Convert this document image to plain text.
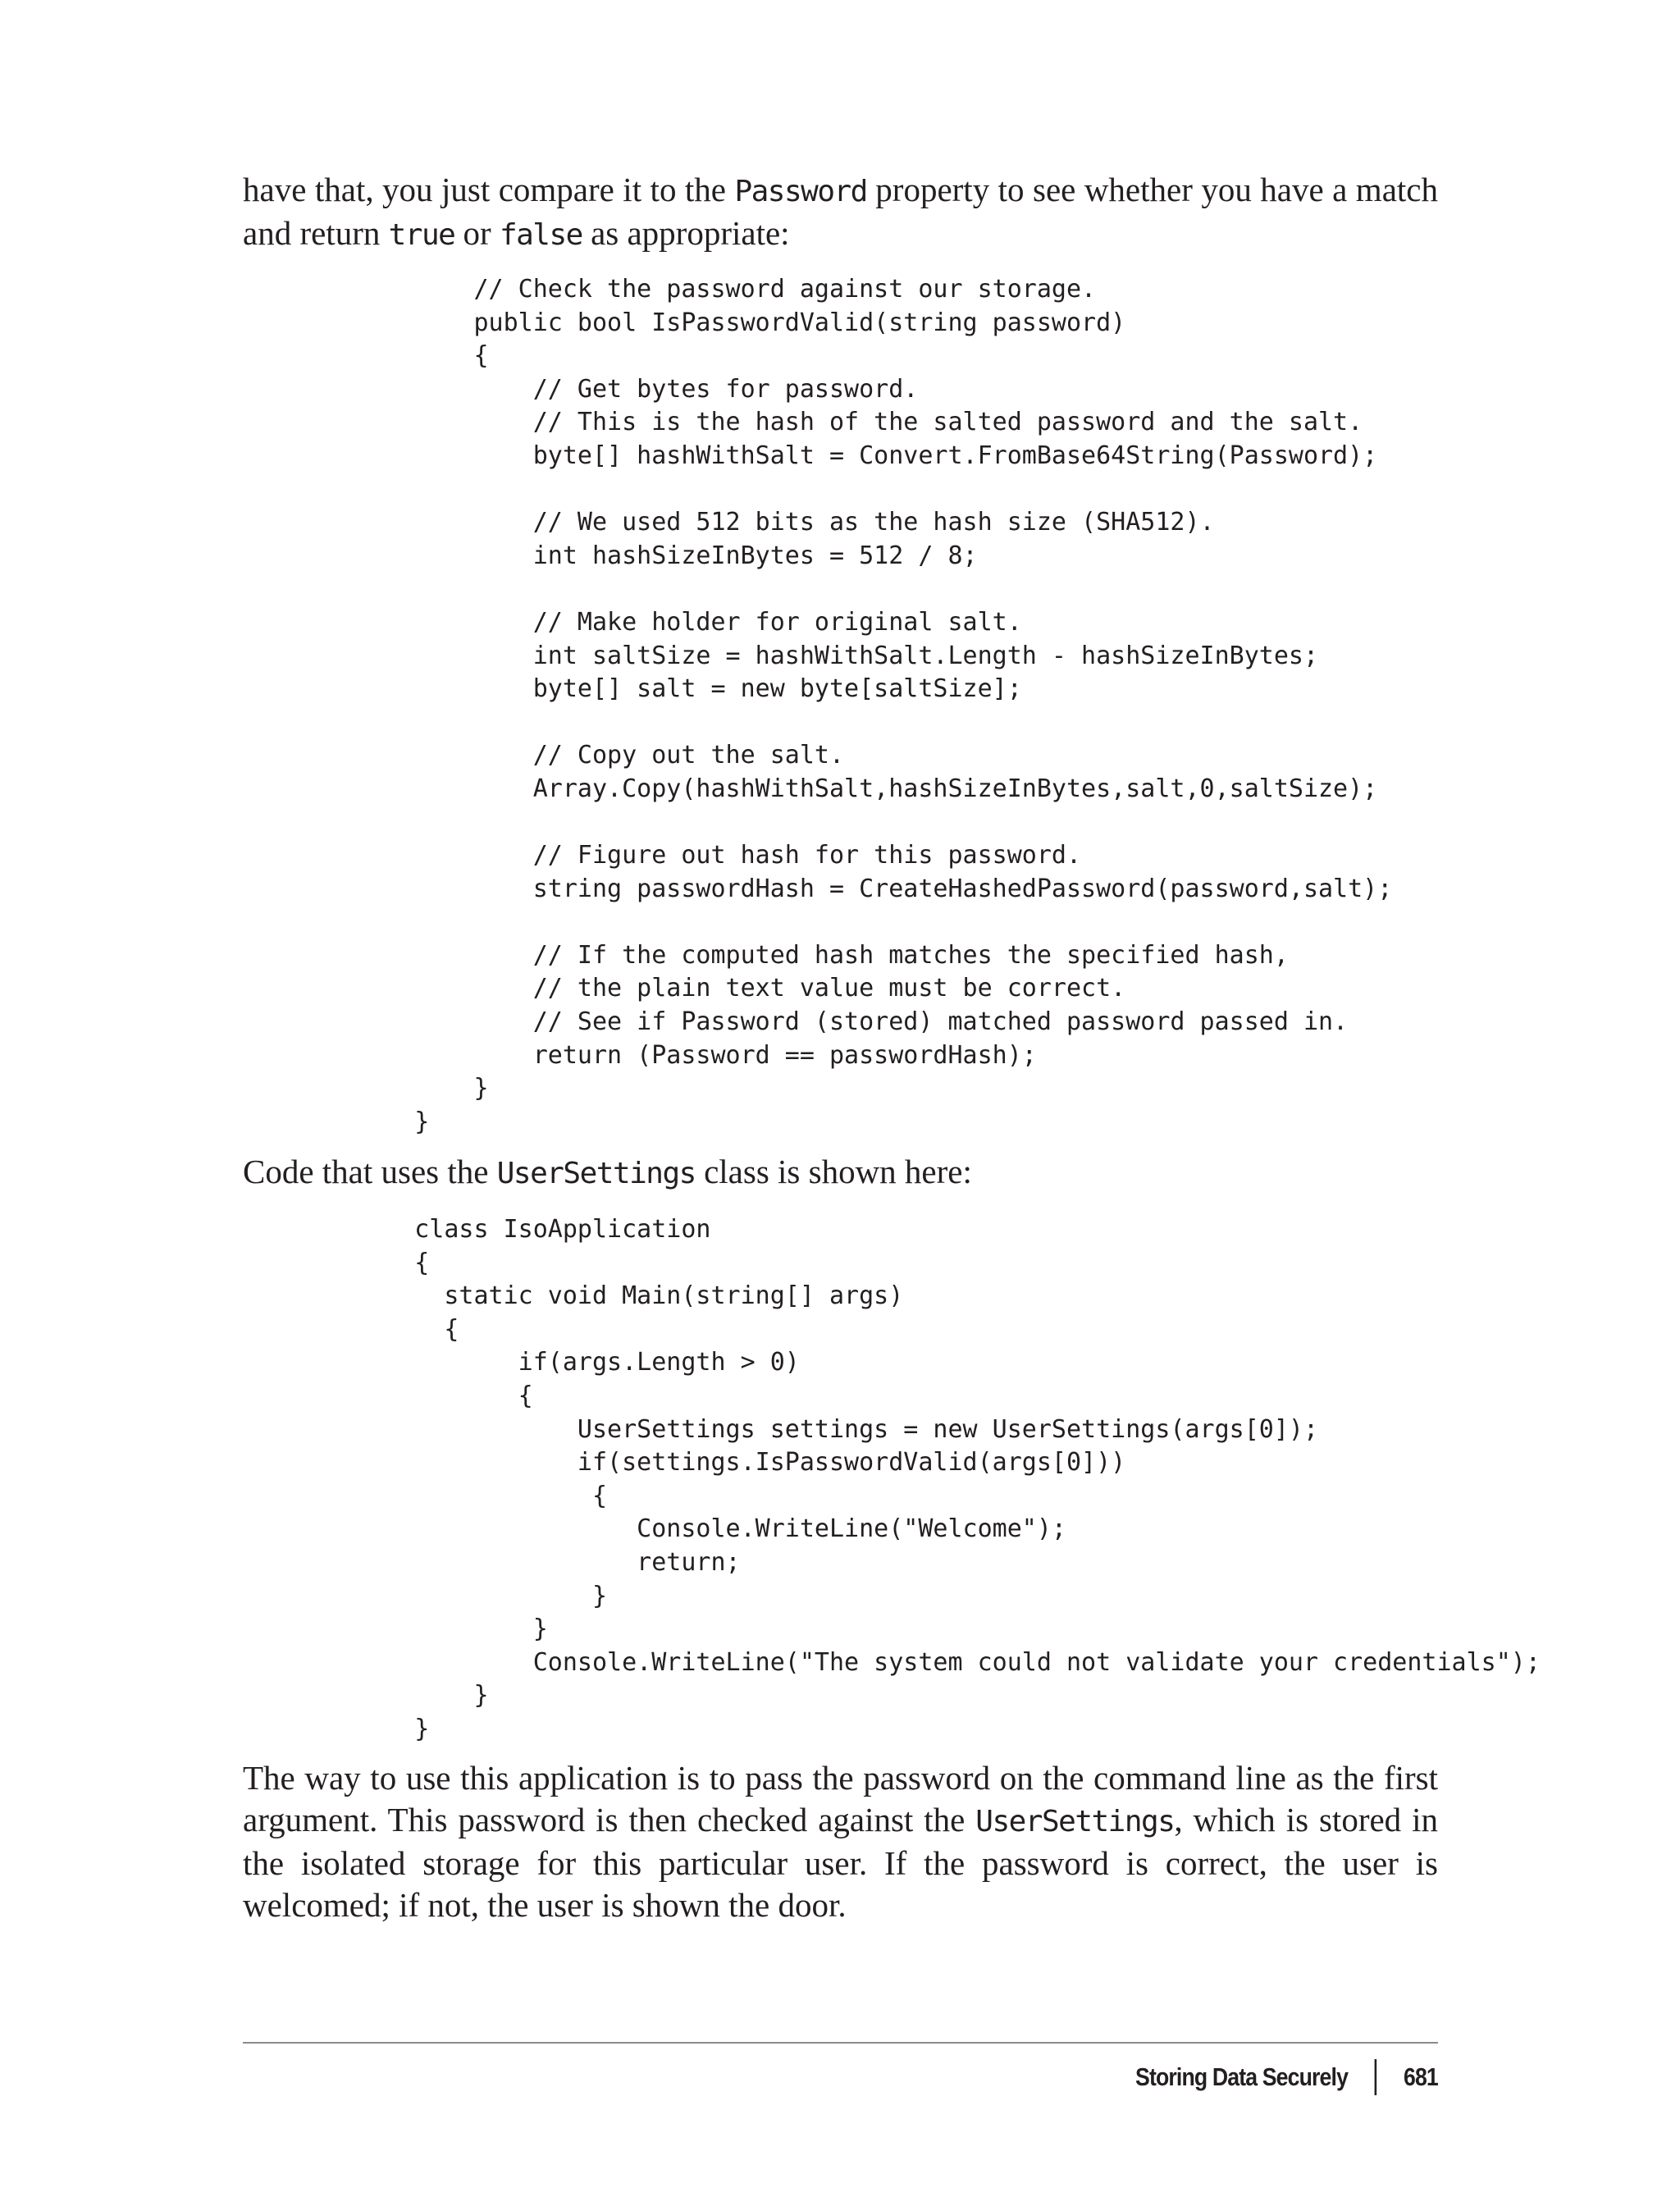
have that, you just compare it to the Password property to see whether you have a match and return true or false as appropriate:

// Check the password against our storage.
public bool IsPasswordValid(string password)
{
// Get bytes for password.
// This is the hash of the salted password and the salt.
byte[] hashWithSalt = Convert.FromBase64String(Password);
// We used 512 bits as the hash size (SHA512).
int hashSizeInBytes = 512 / 8;
// Make holder for original salt.
int saltSize = hashWithSalt.Length - hashSizeInBytes;
byte[] salt = new byte[saltSize];
// Copy out the salt.
Array.Copy(hashWithSalt,hashSizeInBytes,salt,0,saltSize);
// Figure out hash for this password.
string passwordHash = CreateHashedPassword(password,salt);
// If the computed hash matches the specified hash,
// the plain text value must be correct.
// See if Password (stored) matched password passed in.
return (Password == passwordHash);
}
}

Code that uses the UserSettings class is shown here:

class IsoApplication
{
static void Main(string[] args)
{
if(args.Length > 0)
{
UserSettings settings = new UserSettings(args[0]);
if(settings.IsPasswordValid(args[0]))
{
Console.WriteLine("Welcome");
return;
}
}
Console.WriteLine("The system could not validate your credentials");
}
}

The way to use this application is to pass the password on the command line as the first argument. This password is then checked against the UserSettings, which is stored in the isolated storage for this particular user. If the password is correct, the user is welcomed; if not, the user is shown the door.

Storing Data Securely 681
